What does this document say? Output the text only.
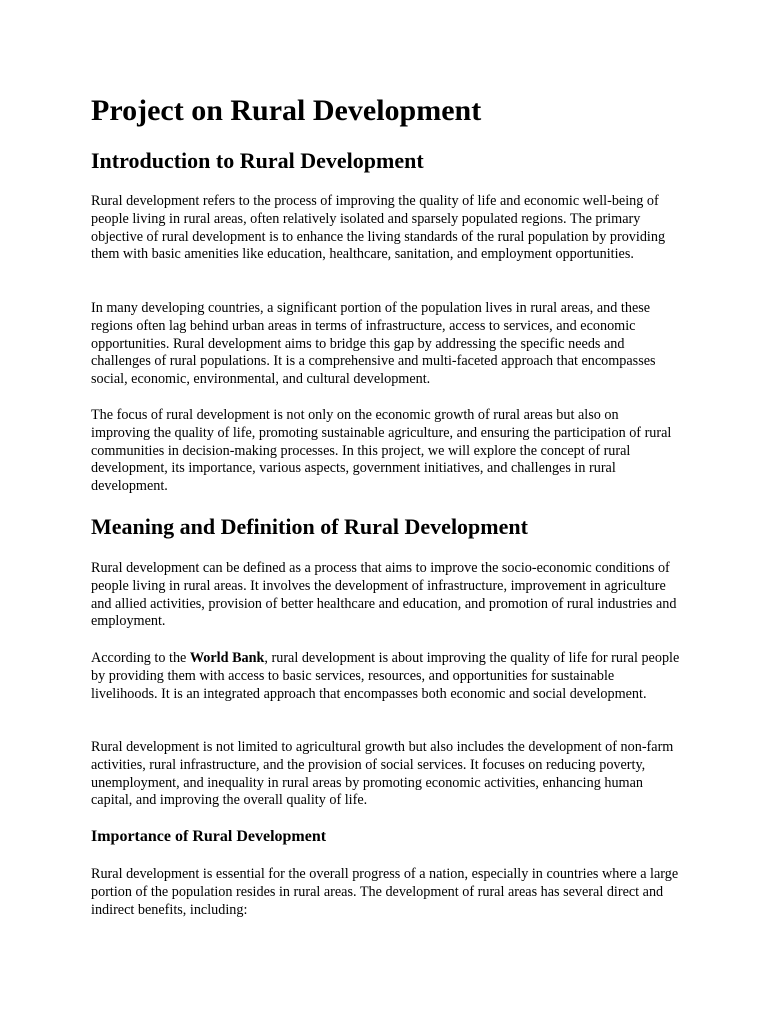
Project on Rural Development
Introduction to Rural Development

Rural development refers to the process of improving the quality of life and economic well-being of people living in rural areas, often relatively isolated and sparsely populated regions. The primary objective of rural development is to enhance the living standards of the rural population by providing them with basic amenities like education, healthcare, sanitation, and employment opportunities.

In many developing countries, a significant portion of the population lives in rural areas, and these regions often lag behind urban areas in terms of infrastructure, access to services, and economic opportunities. Rural development aims to bridge this gap by addressing the specific needs and challenges of rural populations. It is a comprehensive and multi-faceted approach that encompasses social, economic, environmental, and cultural development.

The focus of rural development is not only on the economic growth of rural areas but also on improving the quality of life, promoting sustainable agriculture, and ensuring the participation of rural communities in decision-making processes. In this project, we will explore the concept of rural development, its importance, various aspects, government initiatives, and challenges in rural development.

Meaning and Definition of Rural Development

Rural development can be defined as a process that aims to improve the socio-economic conditions of people living in rural areas. It involves the development of infrastructure, improvement in agriculture and allied activities, provision of better healthcare and education, and promotion of rural industries and employment.

According to the World Bank, rural development is about improving the quality of life for rural people by providing them with access to basic services, resources, and opportunities for sustainable livelihoods. It is an integrated approach that encompasses both economic and social development.

Rural development is not limited to agricultural growth but also includes the development of non-farm activities, rural infrastructure, and the provision of social services. It focuses on reducing poverty, unemployment, and inequality in rural areas by promoting economic activities, enhancing human capital, and improving the overall quality of life.

Importance of Rural Development

Rural development is essential for the overall progress of a nation, especially in countries where a large portion of the population resides in rural areas. The development of rural areas has several direct and indirect benefits, including:
